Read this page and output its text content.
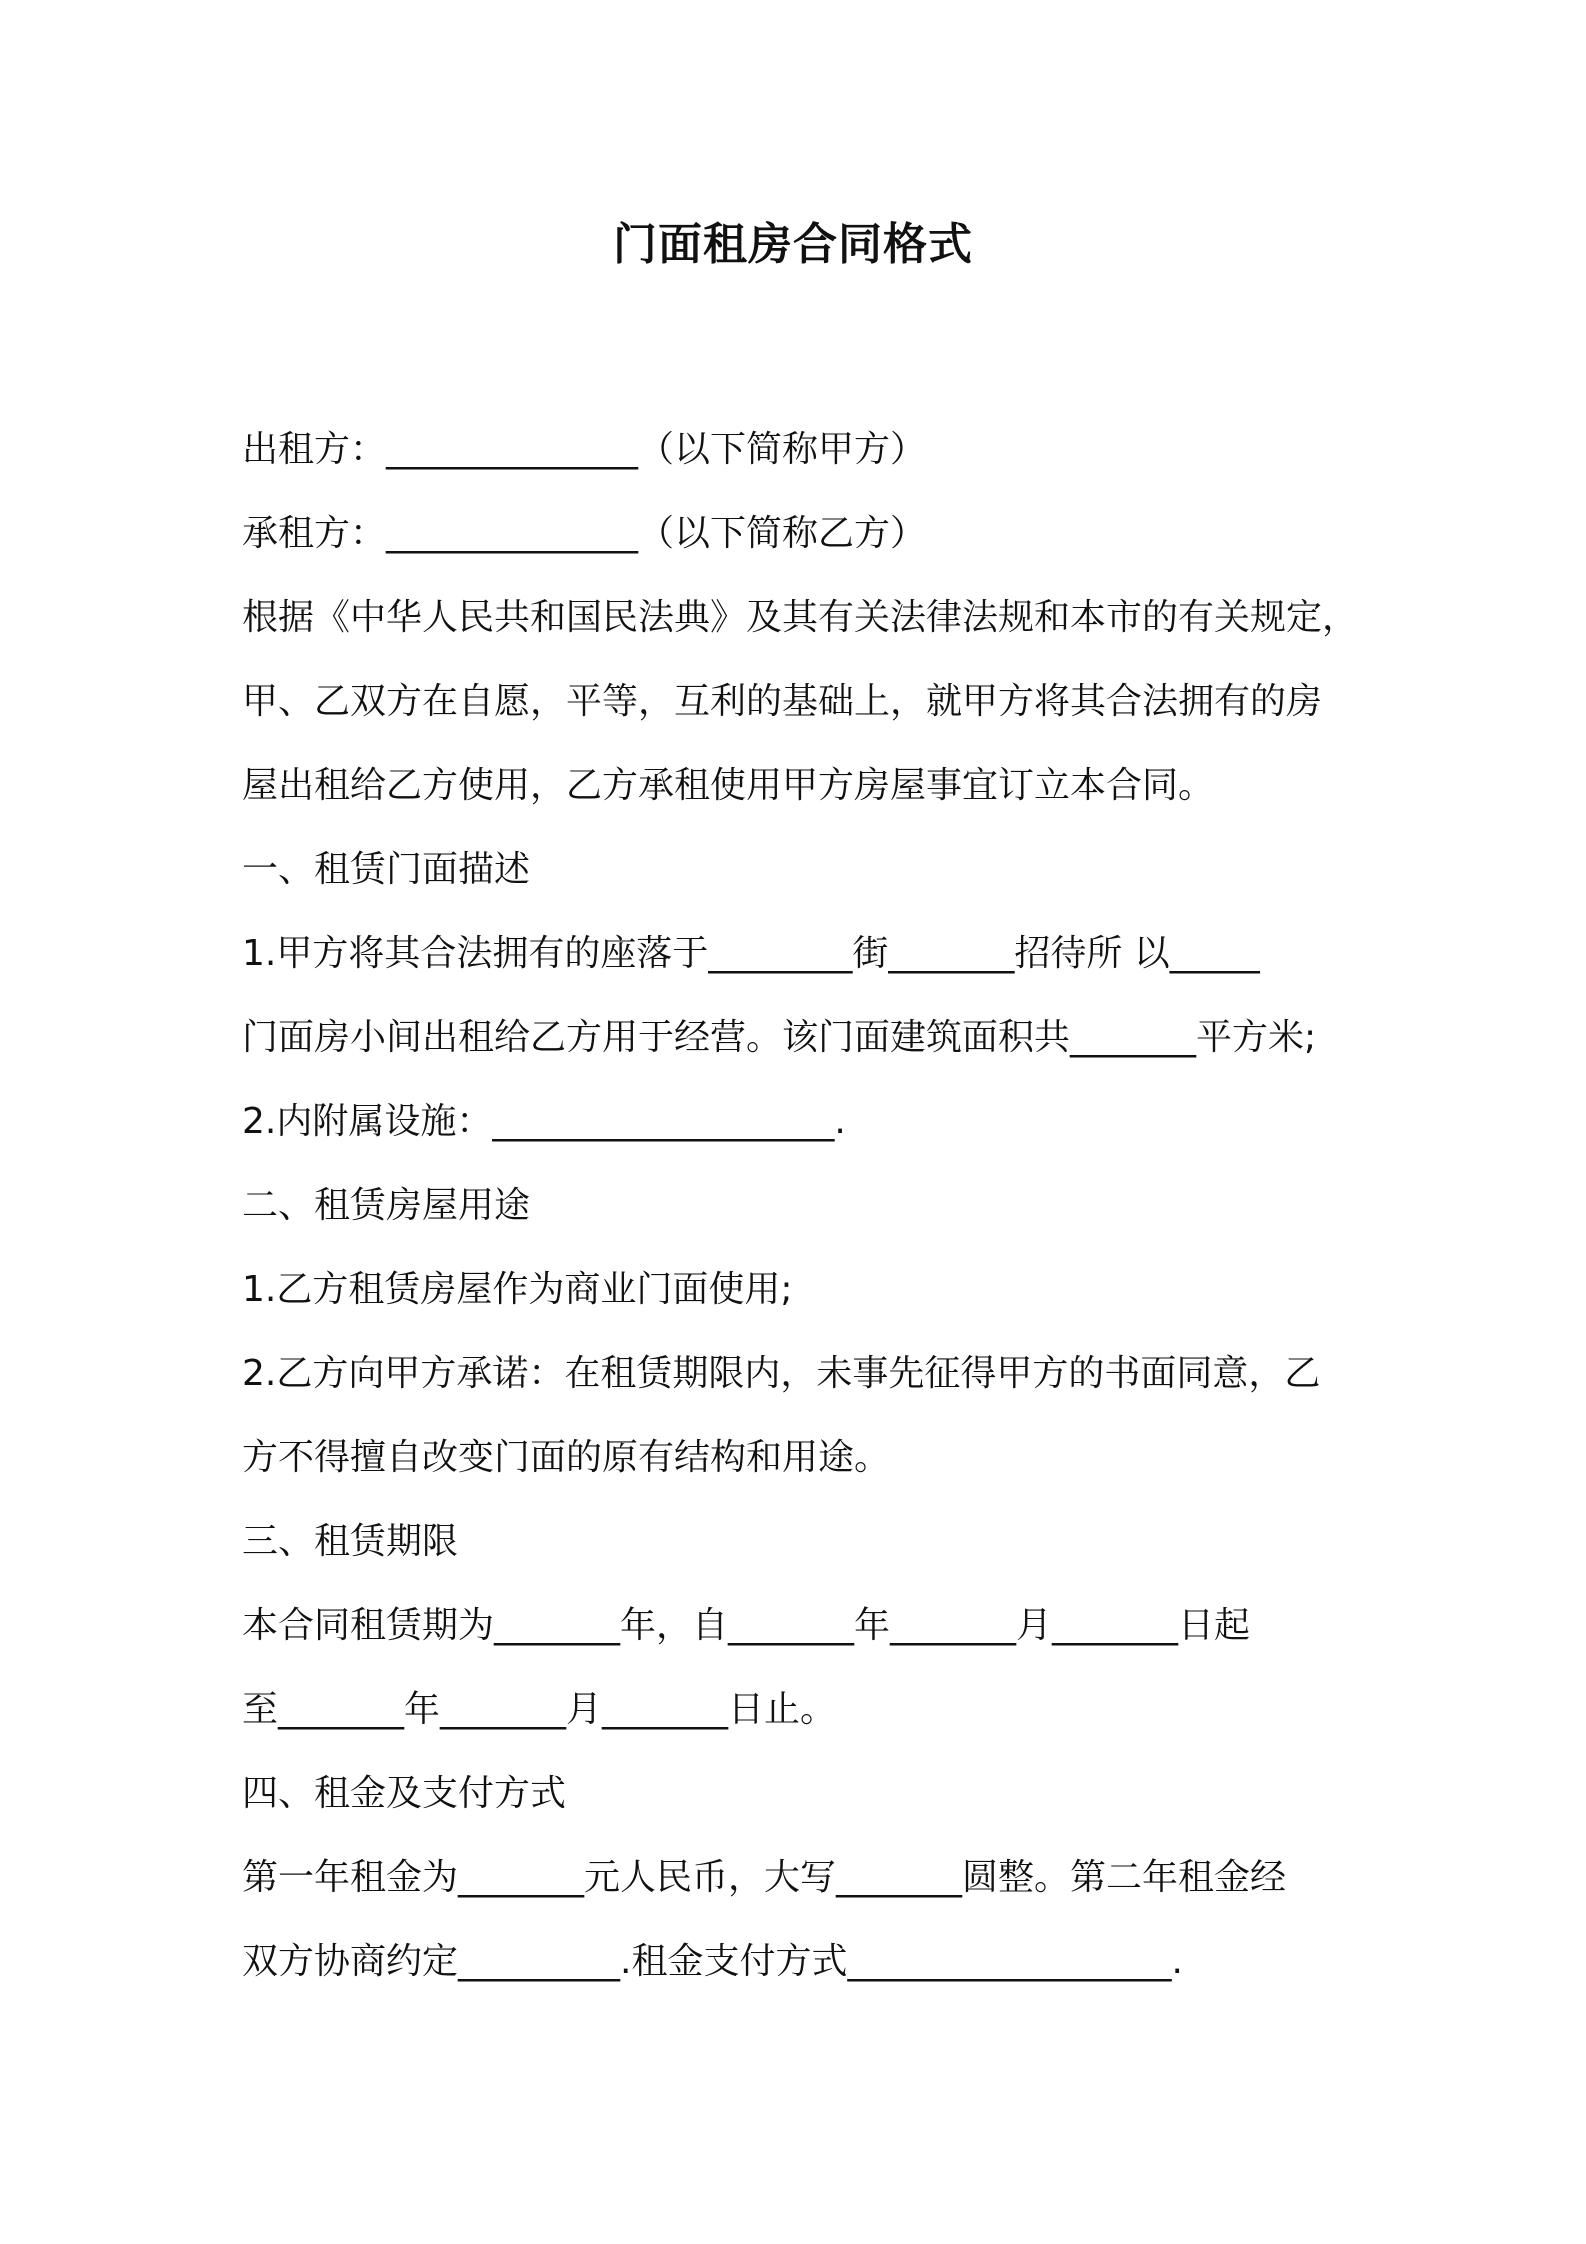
门面租房合同格式

出租方：______________（以下简称甲方）

承租方：______________（以下简称乙方）

根据《中华人民共和国民法典》及其有关法律法规和本市的有关规定，

甲、乙双方在自愿，平等，互利的基础上，就甲方将其合法拥有的房

屋出租给乙方使用，乙方承租使用甲方房屋事宜订立本合同。

一、租赁门面描述

1.甲方将其合法拥有的座落于________街_______招待所 以_____

门面房小间出租给乙方用于经营。该门面建筑面积共_______平方米;

2.内附属设施：___________________.

二、租赁房屋用途

1.乙方租赁房屋作为商业门面使用;

2.乙方向甲方承诺：在租赁期限内，未事先征得甲方的书面同意，乙

方不得擅自改变门面的原有结构和用途。

三、租赁期限

本合同租赁期为_______年，自_______年_______月_______日起

至_______年_______月_______日止。

四、租金及支付方式

第一年租金为_______元人民币，大写_______圆整。第二年租金经

双方协商约定_________.租金支付方式__________________.
